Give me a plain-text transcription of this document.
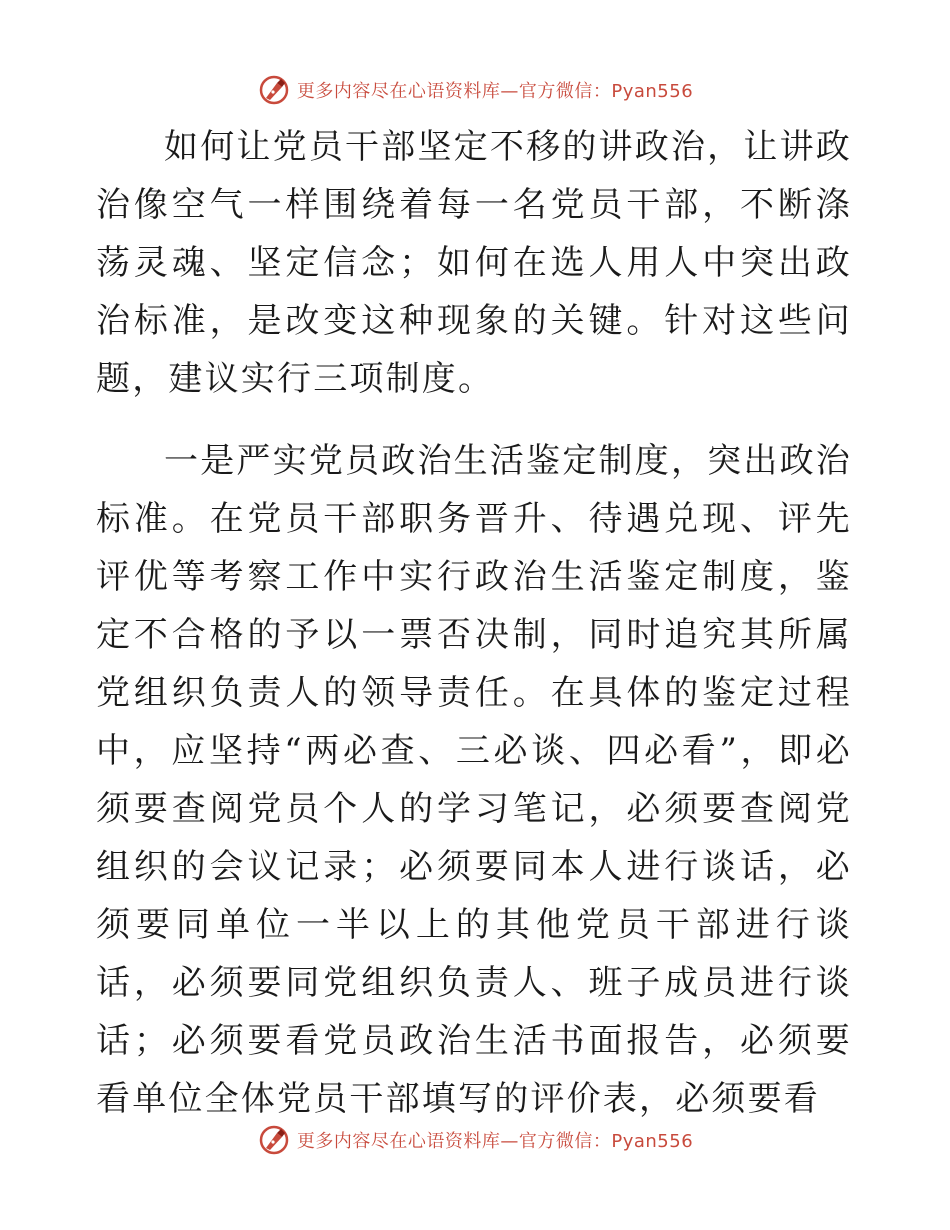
更多内容尽在心语资料库—官方微信：Pyan556

如何让党员干部坚定不移的讲政治，让讲政治像空气一样围绕着每一名党员干部，不断涤荡灵魂、坚定信念；如何在选人用人中突出政治标准，是改变这种现象的关键。针对这些问题，建议实行三项制度。

一是严实党员政治生活鉴定制度，突出政治标准。在党员干部职务晋升、待遇兑现、评先评优等考察工作中实行政治生活鉴定制度，鉴定不合格的予以一票否决制，同时追究其所属党组织负责人的领导责任。在具体的鉴定过程中，应坚持“两必查、三必谈、四必看”，即必须要查阅党员个人的学习笔记，必须要查阅党组织的会议记录；必须要同本人进行谈话，必须要同单位一半以上的其他党员干部进行谈话，必须要同党组织负责人、班子成员进行谈话；必须要看党员政治生活书面报告，必须要看单位全体党员干部填写的评价表，必须要看

更多内容尽在心语资料库—官方微信：Pyan556
